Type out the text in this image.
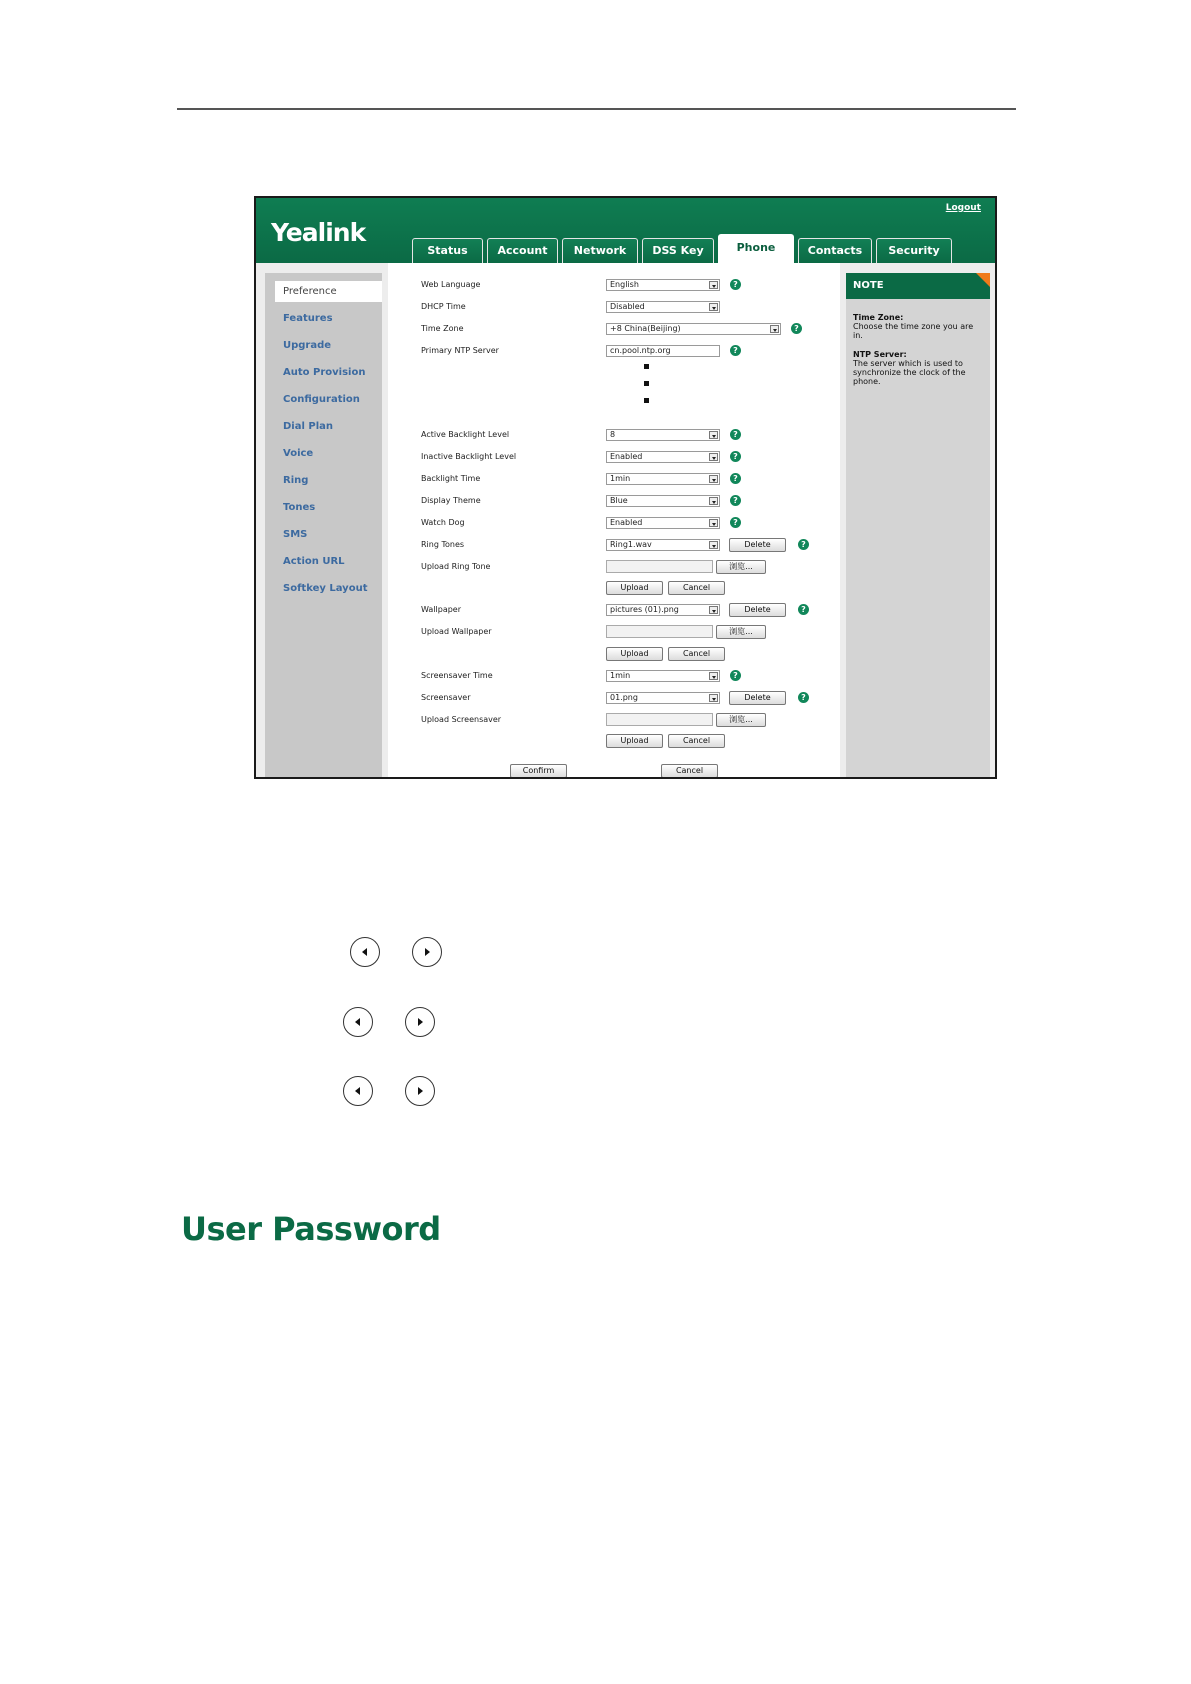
Yealink
Logout
Status	Account	Network	DSS Key	Phone	Contacts	Security
Preference
Features
Upgrade
Auto Provision
Configuration
Dial Plan
Voice
Ring
Tones
SMS
Action URL
Softkey Layout
Web Language	English	?
DHCP Time	Disabled
Time Zone	+8 China(Beijing)	?
Primary NTP Server	cn.pool.ntp.org	?
Active Backlight Level	8	?
Inactive Backlight Level	Enabled	?
Backlight Time	1min	?
Display Theme	Blue	?
Watch Dog	Enabled	?
Ring Tones	Ring1.wav	Delete	?
Upload Ring Tone	浏览...
Upload	Cancel
Wallpaper	pictures (01).png	Delete	?
Upload Wallpaper	浏览...
Upload	Cancel
Screensaver Time	1min	?
Screensaver	01.png	Delete	?
Upload Screensaver	浏览...
Upload	Cancel
Confirm	Cancel
NOTE

Time Zone:
Choose the time zone you are in.

NTP Server:
The server which is used to synchronize the clock of the phone.

User Password
